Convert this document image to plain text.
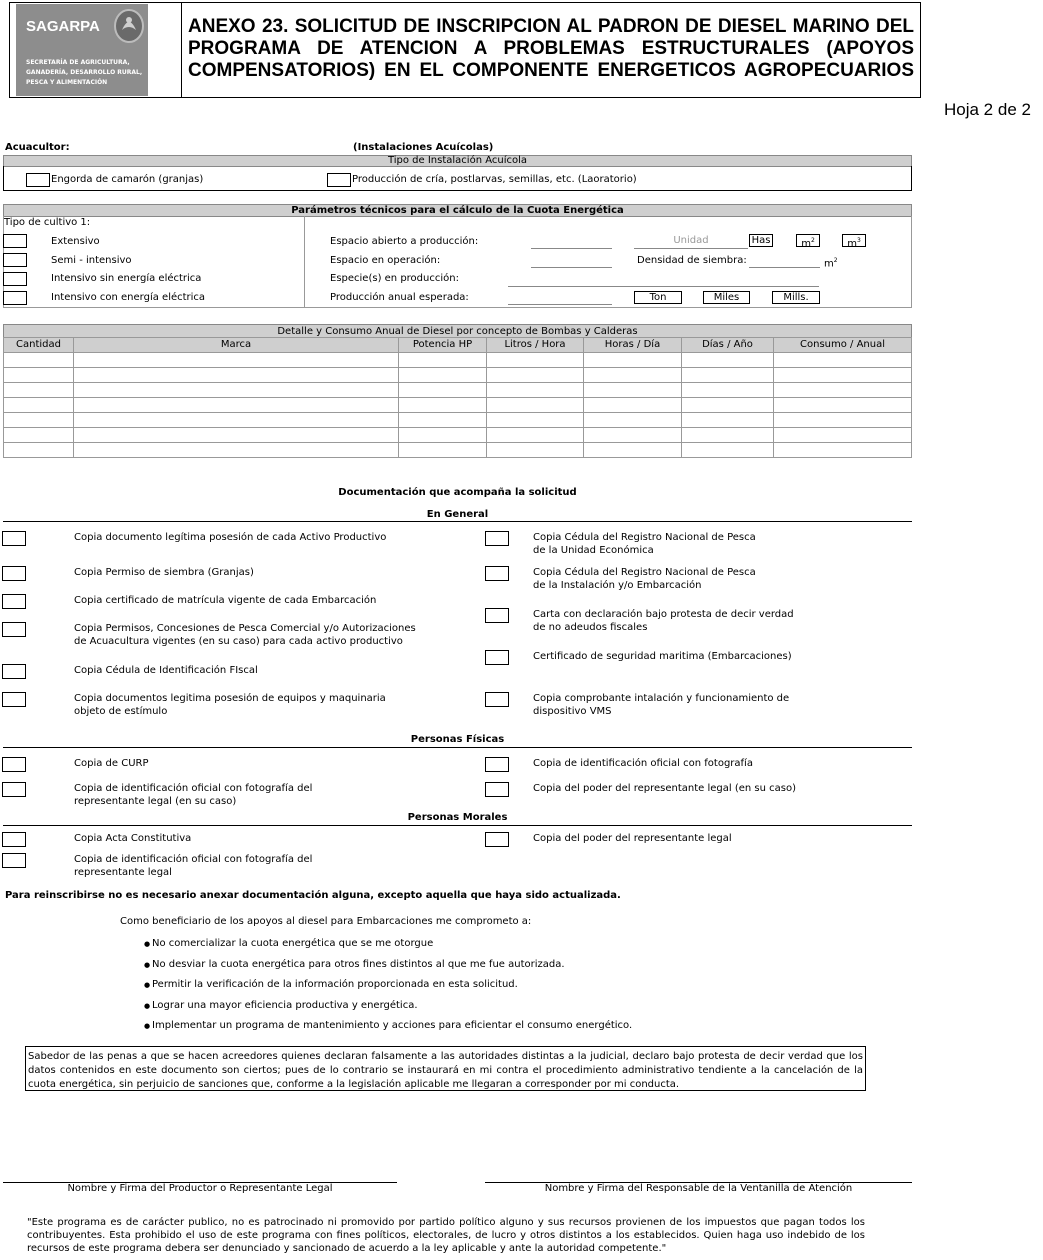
SAGARPA
SECRETARÍA DE AGRICULTURA, GANADERÍA, DESARROLLO RURAL, PESCA Y ALIMENTACIÓN
ANEXO 23. SOLICITUD DE INSCRIPCION AL PADRON DE DIESEL MARINO DEL PROGRAMA DE ATENCION A PROBLEMAS ESTRUCTURALES (APOYOS COMPENSATORIOS) EN EL COMPONENTE ENERGETICOS AGROPECUARIOS
Hoja 2 de 2
Acuacultor:	(Instalaciones Acuícolas)
Tipo de Instalación Acuícola
Engorda de camarón (granjas)	Producción de cría, postlarvas, semillas, etc. (Laoratorio)
Parámetros técnicos para el cálculo de la Cuota Energética
Tipo de cultivo 1:
Extensivo
Semi - intensivo
Intensivo sin energía eléctrica
Intensivo con energía eléctrica
Espacio abierto a producción:	Unidad	Has	$m^2$	$m^3$
Espacio en operación:	Densidad de siembra:	$m^2$
Especie(s) en producción:
Producción anual esperada:	Ton	Miles	Mills.
Detalle y Consumo Anual de Diesel por concepto de Bombas y Calderas
Cantidad	Marca	Potencia HP	Litros / Hora	Horas / Día	Días / Año	Consumo / Anual

Documentación que acompaña la solicitud
En General
Copia documento legítima posesión de cada Activo Productivo
Copia Permiso de siembra (Granjas)
Copia certificado de matrícula vigente de cada Embarcación
Copia Permisos, Concesiones de Pesca Comercial y/o Autorizaciones
de Acuacultura vigentes (en su caso) para cada activo productivo
Copia Cédula de Identificación FIscal
Copia documentos legitima posesión de equipos y maquinaria
objeto de estímulo
Copia Cédula del Registro Nacional de Pesca
de la Unidad Económica
Copia Cédula del Registro Nacional de Pesca
de la Instalación y/o Embarcación
Carta con declaración bajo protesta de decir verdad
de no adeudos fiscales
Certificado de seguridad maritima (Embarcaciones)
Copia comprobante intalación y funcionamiento de
dispositivo VMS
Personas Físicas
Copia de CURP
Copia de identificación oficial con fotografía del
representante legal (en su caso)
Copia de identificación oficial con fotografía
Copia del poder del representante legal (en su caso)
Personas Morales
Copia Acta Constitutiva
Copia de identificación oficial con fotografía del
representante legal
Copia del poder del representante legal
Para reinscribirse no es necesario anexar documentación alguna, excepto aquella que haya sido actualizada.
Como beneficiario de los apoyos al diesel para Embarcaciones me comprometo a:
● No comercializar la cuota energética que se me otorgue
● No desviar la cuota energética para otros fines distintos al que me fue autorizada.
● Permitir la verificación de la información proporcionada en esta solicitud.
● Lograr una mayor eficiencia productiva y energética.
● Implementar un programa de mantenimiento y acciones para eficientar el consumo energético.
Sabedor de las penas a que se hacen acreedores quienes declaran falsamente a las autoridades distintas a la judicial, declaro bajo protesta de decir verdad que los datos contenidos en este documento son ciertos; pues de lo contrario se instaurará en mi contra el procedimiento administrativo tendiente a la cancelación de la cuota energética, sin perjuicio de sanciones que, conforme a la legislación aplicable me llegaran a corresponder por mi conducta.
Nombre y Firma del Productor o Representante Legal	Nombre y Firma del Responsable de la Ventanilla de Atención
"Este programa es de carácter publico, no es patrocinado ni promovido por partido político alguno y sus recursos provienen de los impuestos que pagan todos los contribuyentes. Esta prohibido el uso de este programa con fines políticos, electorales, de lucro y otros distintos a los establecidos. Quien haga uso indebido de los recursos de este programa debera ser denunciado y sancionado de acuerdo a la ley aplicable y ante la autoridad competente."
